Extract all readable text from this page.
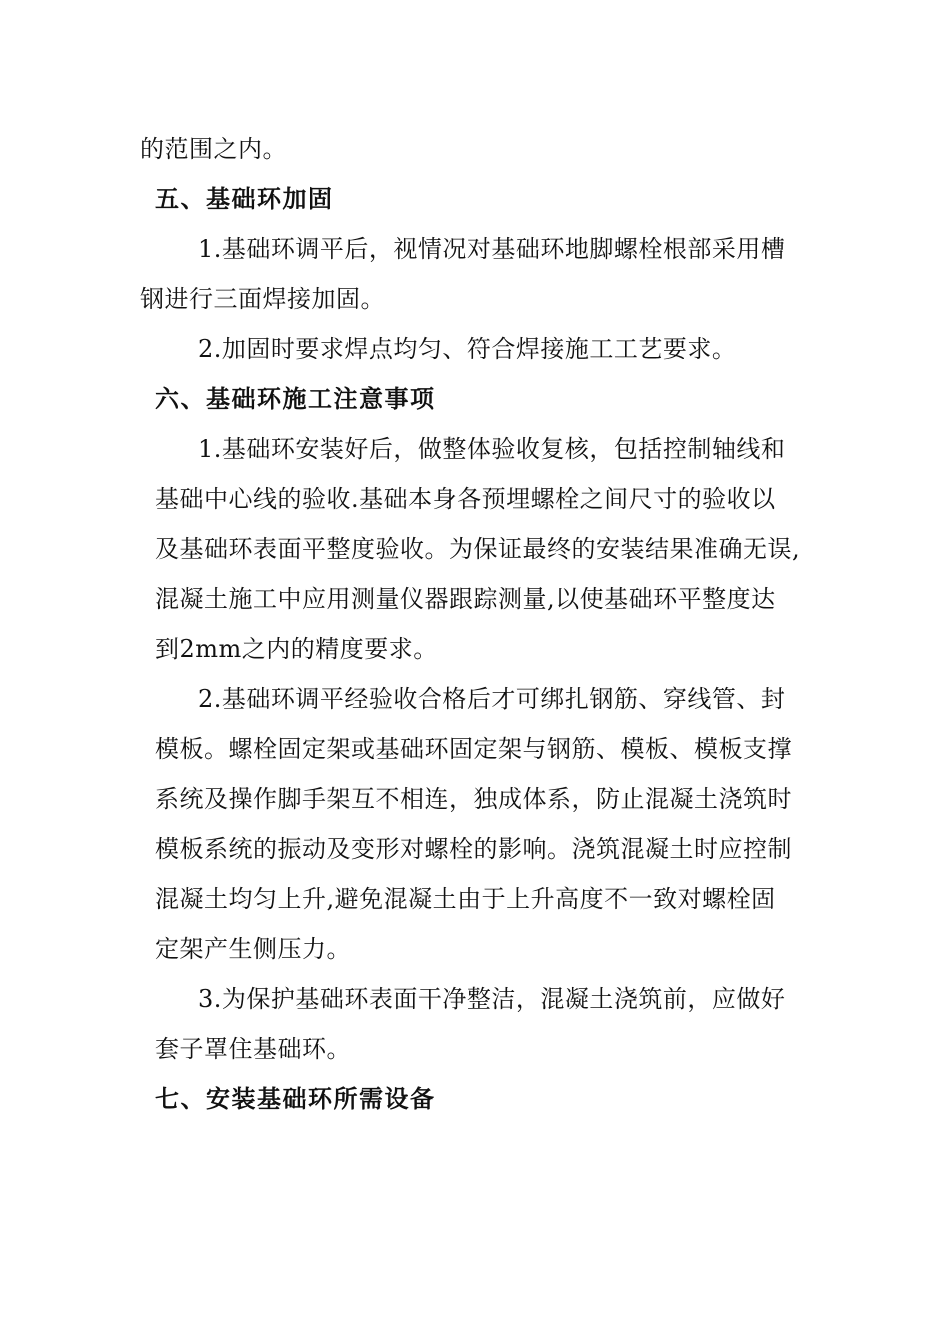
的范围之内。
五、基础环加固
1.基础环调平后，视情况对基础环地脚螺栓根部采用槽
钢进行三面焊接加固。
2.加固时要求焊点均匀、符合焊接施工工艺要求。
六、基础环施工注意事项
1.基础环安装好后，做整体验收复核，包括控制轴线和
基础中心线的验收.基础本身各预埋螺栓之间尺寸的验收以
及基础环表面平整度验收。为保证最终的安装结果准确无误,
混凝土施工中应用测量仪器跟踪测量,以使基础环平整度达
到2mm之内的精度要求。
2.基础环调平经验收合格后才可绑扎钢筋、穿线管、封
模板。螺栓固定架或基础环固定架与钢筋、模板、模板支撑
系统及操作脚手架互不相连，独成体系，防止混凝土浇筑时
模板系统的振动及变形对螺栓的影响。浇筑混凝土时应控制
混凝土均匀上升,避免混凝土由于上升高度不一致对螺栓固
定架产生侧压力。
3.为保护基础环表面干净整洁，混凝土浇筑前，应做好
套子罩住基础环。
七、安装基础环所需设备
